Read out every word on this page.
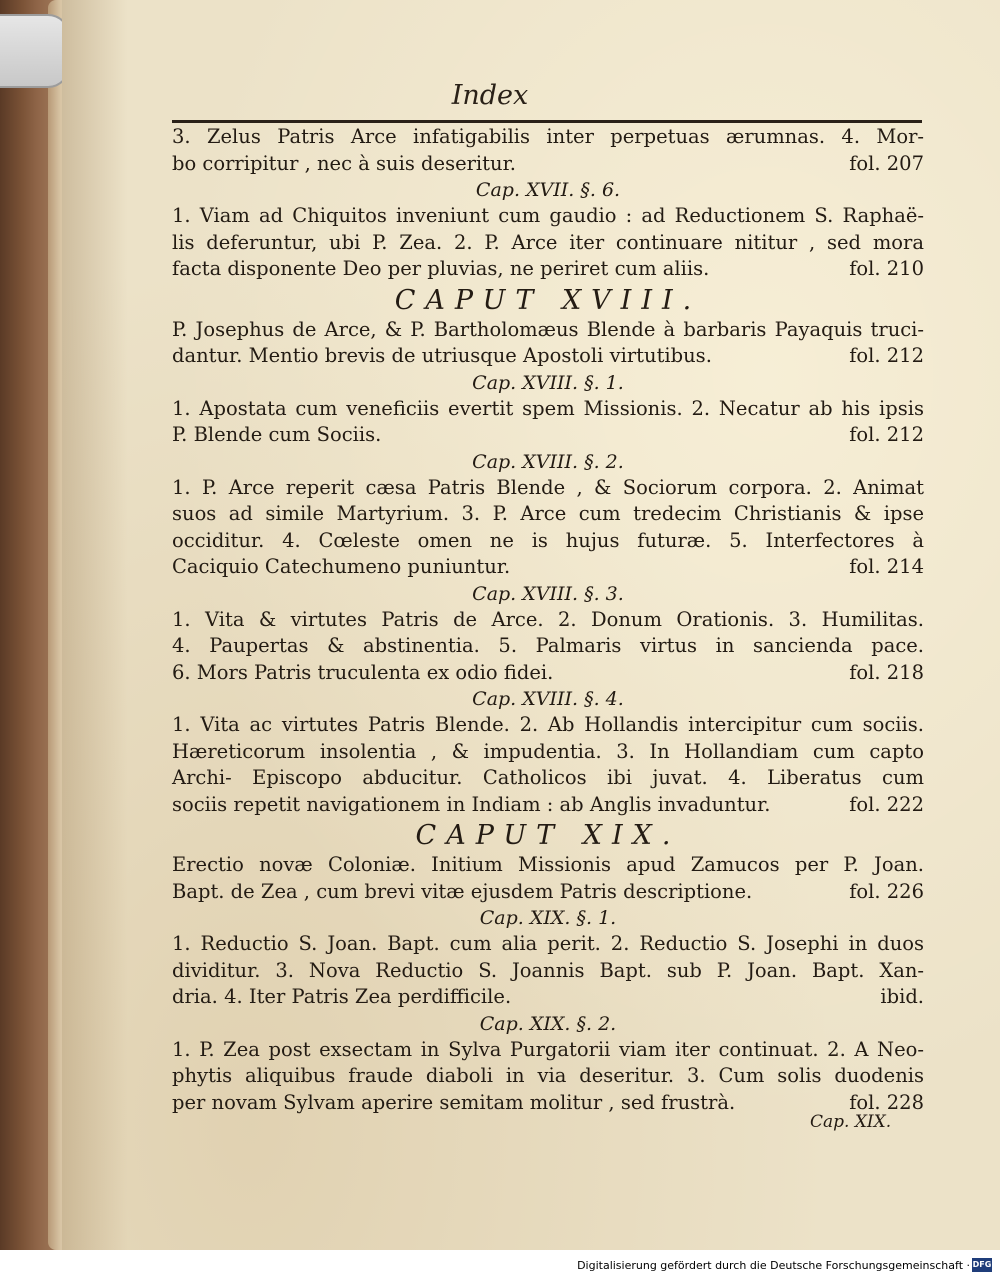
Index

3. Zelus Patris Arce infatigabilis inter perpetuas ærumnas. 4. Mor-

bo corripitur , nec à suis deseritur.	fol. 207

Cap. XVII. §. 6.

1. Viam ad Chiquitos inveniunt cum gaudio : ad Reductionem S. Raphaë-

lis deferuntur, ubi P. Zea. 2. P. Arce iter continuare nititur , sed mora

facta disponente Deo per pluvias, ne periret cum aliis.	fol. 210

CAPUT XVIII.

P. Josephus de Arce, & P. Bartholomæus Blende à barbaris Payaquis truci-

dantur. Mentio brevis de utriusque Apostoli virtutibus.	fol. 212

Cap. XVIII. §. 1.

1. Apostata cum veneficiis evertit spem Missionis. 2. Necatur ab his ipsis

P. Blende cum Sociis.	fol. 212

Cap. XVIII. §. 2.

1. P. Arce reperit cæsa Patris Blende , & Sociorum corpora. 2. Animat

suos ad simile Martyrium. 3. P. Arce cum tredecim Christianis & ipse

occiditur. 4. Cœleste omen ne is hujus futuræ. 5. Interfectores à

Caciquio Catechumeno puniuntur.	fol. 214

Cap. XVIII. §. 3.

1. Vita & virtutes Patris de Arce. 2. Donum Orationis. 3. Humilitas.

4. Paupertas & abstinentia. 5. Palmaris virtus in sancienda pace.

6. Mors Patris truculenta ex odio fidei.	fol. 218

Cap. XVIII. §. 4.

1. Vita ac virtutes Patris Blende. 2. Ab Hollandis intercipitur cum sociis.

Hæreticorum insolentia , & impudentia. 3. In Hollandiam cum capto

Archi- Episcopo abducitur. Catholicos ibi juvat. 4. Liberatus cum

sociis repetit navigationem in Indiam : ab Anglis invaduntur.	fol. 222

CAPUT XIX.

Erectio novæ Coloniæ. Initium Missionis apud Zamucos per P. Joan.

Bapt. de Zea , cum brevi vitæ ejusdem Patris descriptione.	fol. 226

Cap. XIX. §. 1.

1. Reductio S. Joan. Bapt. cum alia perit. 2. Reductio S. Josephi in duos

dividitur. 3. Nova Reductio S. Joannis Bapt. sub P. Joan. Bapt. Xan-

dria. 4. Iter Patris Zea perdifficile.	ibid.

Cap. XIX. §. 2.

1. P. Zea post exsectam in Sylva Purgatorii viam iter continuat. 2. A Neo-

phytis aliquibus fraude diaboli in via deseritur. 3. Cum solis duodenis

per novam Sylvam aperire semitam molitur , sed frustrà.	fol. 228

Cap. XIX.
Digitalisierung gefördert durch die Deutsche Forschungsgemeinschaft · DFG
